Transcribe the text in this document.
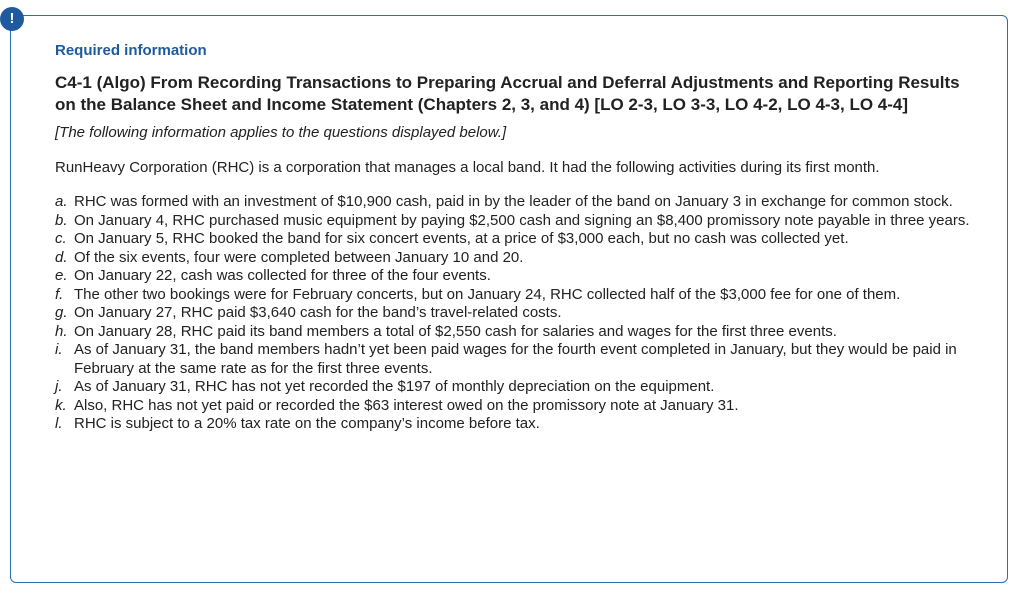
!

Required information

C4-1 (Algo) From Recording Transactions to Preparing Accrual and Deferral Adjustments and Reporting Results on the Balance Sheet and Income Statement (Chapters 2, 3, and 4) [LO 2-3, LO 3-3, LO 4-2, LO 4-3, LO 4-4]

[The following information applies to the questions displayed below.]

RunHeavy Corporation (RHC) is a corporation that manages a local band. It had the following activities during its first month.

a. RHC was formed with an investment of $10,900 cash, paid in by the leader of the band on January 3 in exchange for common stock.
b. On January 4, RHC purchased music equipment by paying $2,500 cash and signing an $8,400 promissory note payable in three years.
c. On January 5, RHC booked the band for six concert events, at a price of $3,000 each, but no cash was collected yet.
d. Of the six events, four were completed between January 10 and 20.
e. On January 22, cash was collected for three of the four events.
f. The other two bookings were for February concerts, but on January 24, RHC collected half of the $3,000 fee for one of them.
g. On January 27, RHC paid $3,640 cash for the band’s travel-related costs.
h. On January 28, RHC paid its band members a total of $2,550 cash for salaries and wages for the first three events.
i. As of January 31, the band members hadn’t yet been paid wages for the fourth event completed in January, but they would be paid in February at the same rate as for the first three events.
j. As of January 31, RHC has not yet recorded the $197 of monthly depreciation on the equipment.
k. Also, RHC has not yet paid or recorded the $63 interest owed on the promissory note at January 31.
l. RHC is subject to a 20% tax rate on the company’s income before tax.
